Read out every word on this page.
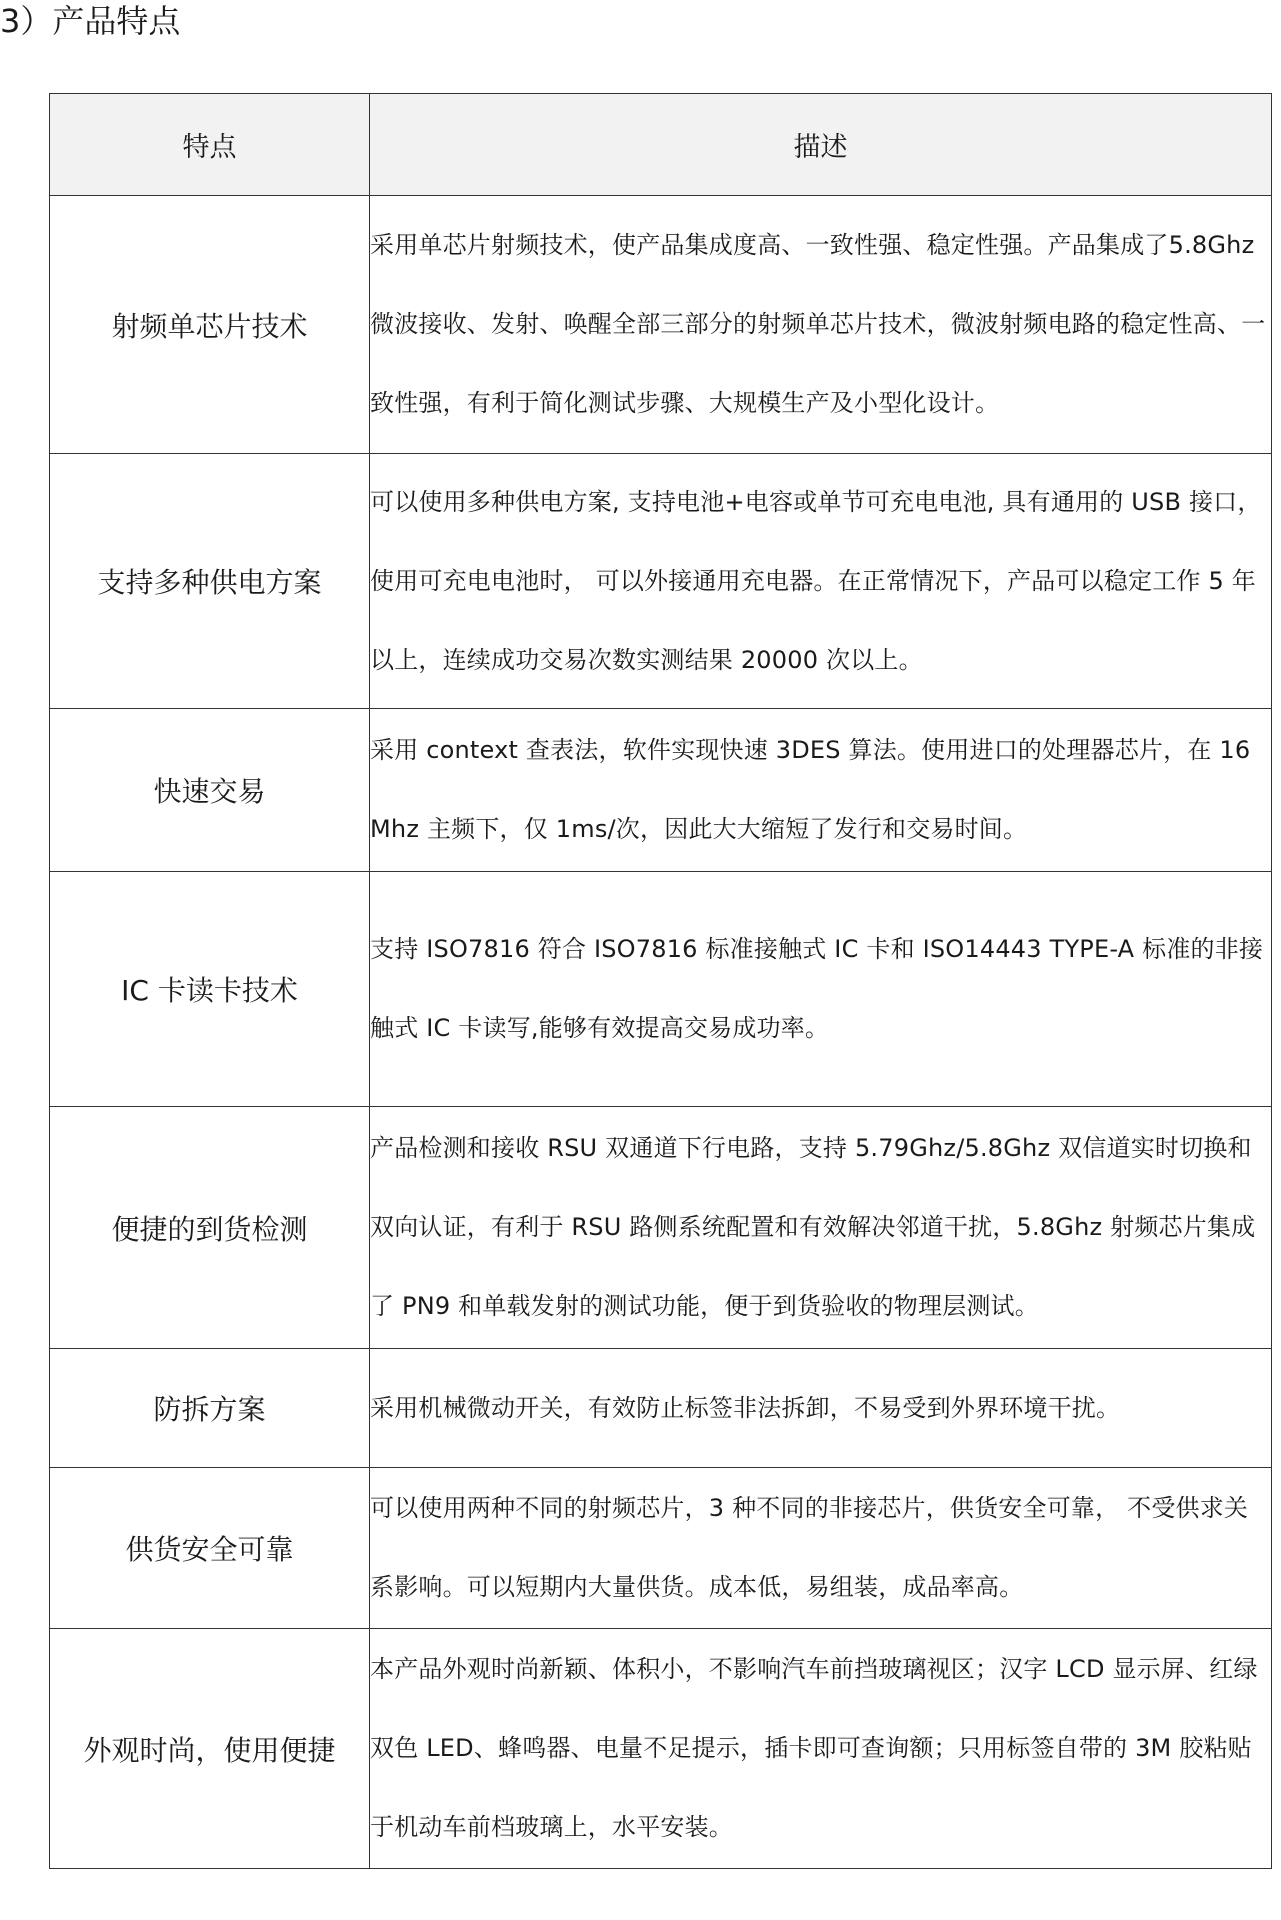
3）产品特点
特点	描述
射频单芯片技术	采用单芯片射频技术，使产品集成度高、一致性强、稳定性强。产品集成了5.8Ghz 微波接收、发射、唤醒全部三部分的射频单芯片技术，微波射频电路的稳定性高、一致性强，有利于简化测试步骤、大规模生产及小型化设计。

支持多种供电方案	可以使用多种供电方案, 支持电池+电容或单节可充电电池, 具有通用的 USB 接口， 使用可充电电池时， 可以外接通用充电器。在正常情况下，产品可以稳定工作 5 年以上，连续成功交易次数实测结果 20000 次以上。

快速交易	采用 context 查表法，软件实现快速 3DES 算法。使用进口的处理器芯片，在 16Mhz 主频下，仅 1ms/次，因此大大缩短了发行和交易时间。

IC 卡读卡技术	支持 ISO7816 符合 ISO7816 标准接触式 IC 卡和 ISO14443 TYPE-A 标准的非接触式 IC 卡读写,能够有效提高交易成功率。

便捷的到货检测	产品检测和接收 RSU 双通道下行电路，支持 5.79Ghz/5.8Ghz 双信道实时切换和双向认证，有利于 RSU 路侧系统配置和有效解决邻道干扰，5.8Ghz 射频芯片集成了 PN9 和单载发射的测试功能，便于到货验收的物理层测试。

防拆方案	采用机械微动开关，有效防止标签非法拆卸，不易受到外界环境干扰。

供货安全可靠	可以使用两种不同的射频芯片，3 种不同的非接芯片，供货安全可靠， 不受供求关系影响。可以短期内大量供货。成本低，易组装，成品率高。

外观时尚，使用便捷	本产品外观时尚新颖、体积小，不影响汽车前挡玻璃视区；汉字 LCD 显示屏、红绿双色 LED、蜂鸣器、电量不足提示，插卡即可查询额；只用标签自带的 3M 胶粘贴于机动车前档玻璃上，水平安装。
